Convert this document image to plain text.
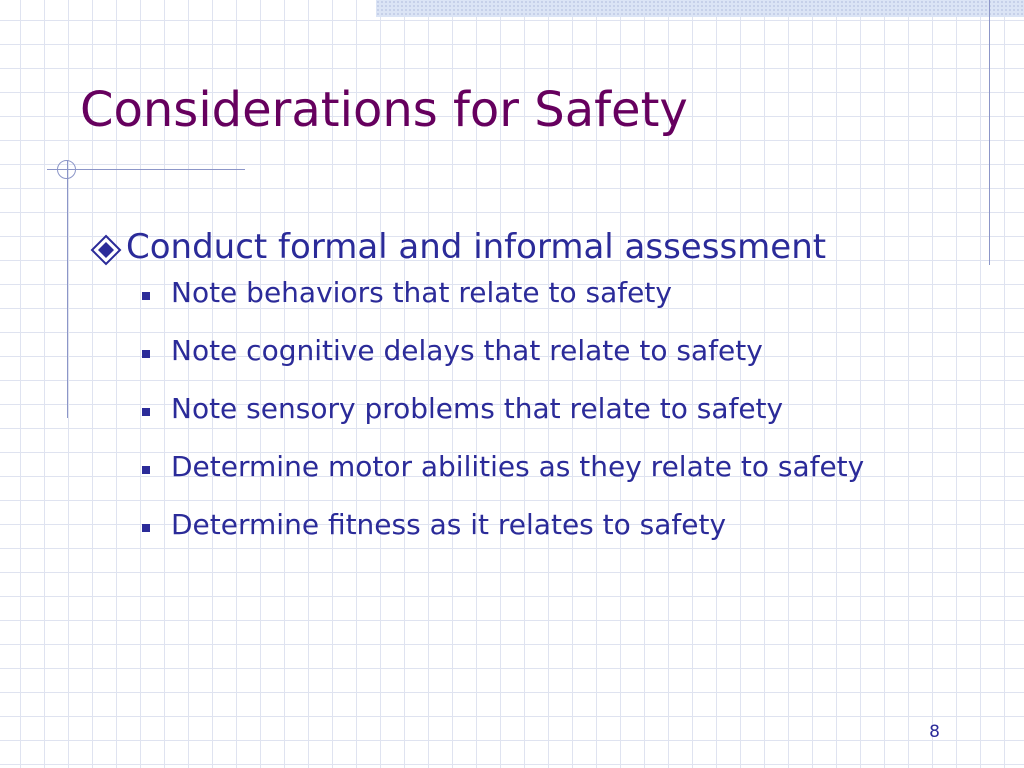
Considerations for Safety
Conduct formal and informal assessment
Note behaviors that relate to safety
Note cognitive delays that relate to safety
Note sensory problems that relate to safety
Determine motor abilities as they relate to safety
Determine fitness as it relates to safety
8
